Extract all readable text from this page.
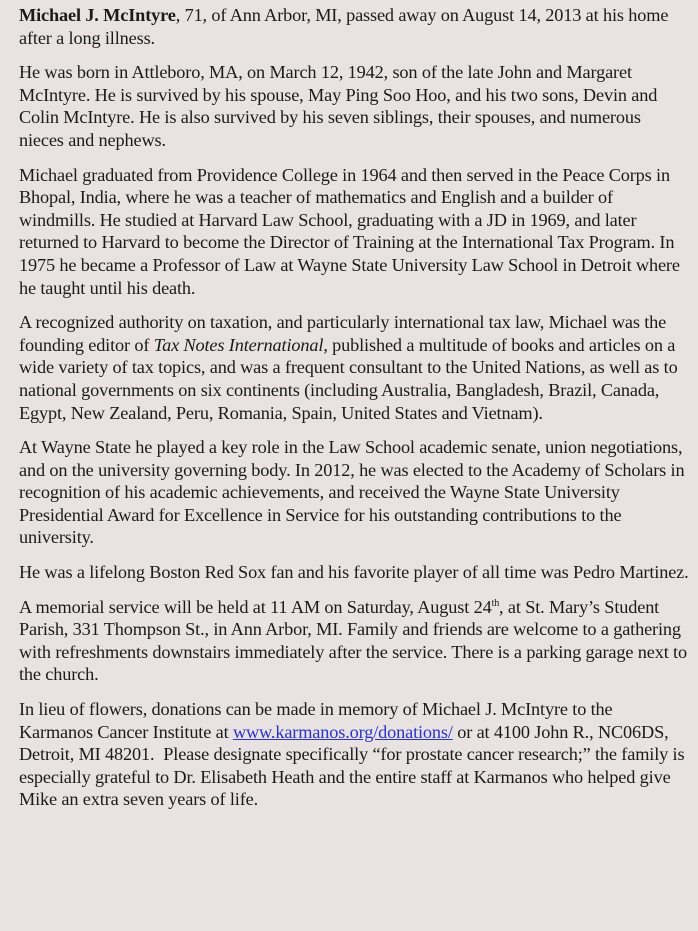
Michael J. McIntyre, 71, of Ann Arbor, MI, passed away on August 14, 2013 at his home after a long illness.

He was born in Attleboro, MA, on March 12, 1942, son of the late John and Margaret McIntyre. He is survived by his spouse, May Ping Soo Hoo, and his two sons, Devin and Colin McIntyre. He is also survived by his seven siblings, their spouses, and numerous nieces and nephews.

Michael graduated from Providence College in 1964 and then served in the Peace Corps in Bhopal, India, where he was a teacher of mathematics and English and a builder of windmills. He studied at Harvard Law School, graduating with a JD in 1969, and later returned to Harvard to become the Director of Training at the International Tax Program. In 1975 he became a Professor of Law at Wayne State University Law School in Detroit where he taught until his death.

A recognized authority on taxation, and particularly international tax law, Michael was the founding editor of Tax Notes International, published a multitude of books and articles on a wide variety of tax topics, and was a frequent consultant to the United Nations, as well as to national governments on six continents (including Australia, Bangladesh, Brazil, Canada, Egypt, New Zealand, Peru, Romania, Spain, United States and Vietnam).

At Wayne State he played a key role in the Law School academic senate, union negotiations, and on the university governing body. In 2012, he was elected to the Academy of Scholars in recognition of his academic achievements, and received the Wayne State University Presidential Award for Excellence in Service for his outstanding contributions to the university.

He was a lifelong Boston Red Sox fan and his favorite player of all time was Pedro Martinez.

A memorial service will be held at 11 AM on Saturday, August 24th, at St. Mary’s Student Parish, 331 Thompson St., in Ann Arbor, MI. Family and friends are welcome to a gathering with refreshments downstairs immediately after the service. There is a parking garage next to the church.

In lieu of flowers, donations can be made in memory of Michael J. McIntyre to the Karmanos Cancer Institute at www.karmanos.org/donations/ or at 4100 John R., NC06DS, Detroit, MI 48201.  Please designate specifically “for prostate cancer research;” the family is especially grateful to Dr. Elisabeth Heath and the entire staff at Karmanos who helped give Mike an extra seven years of life.
